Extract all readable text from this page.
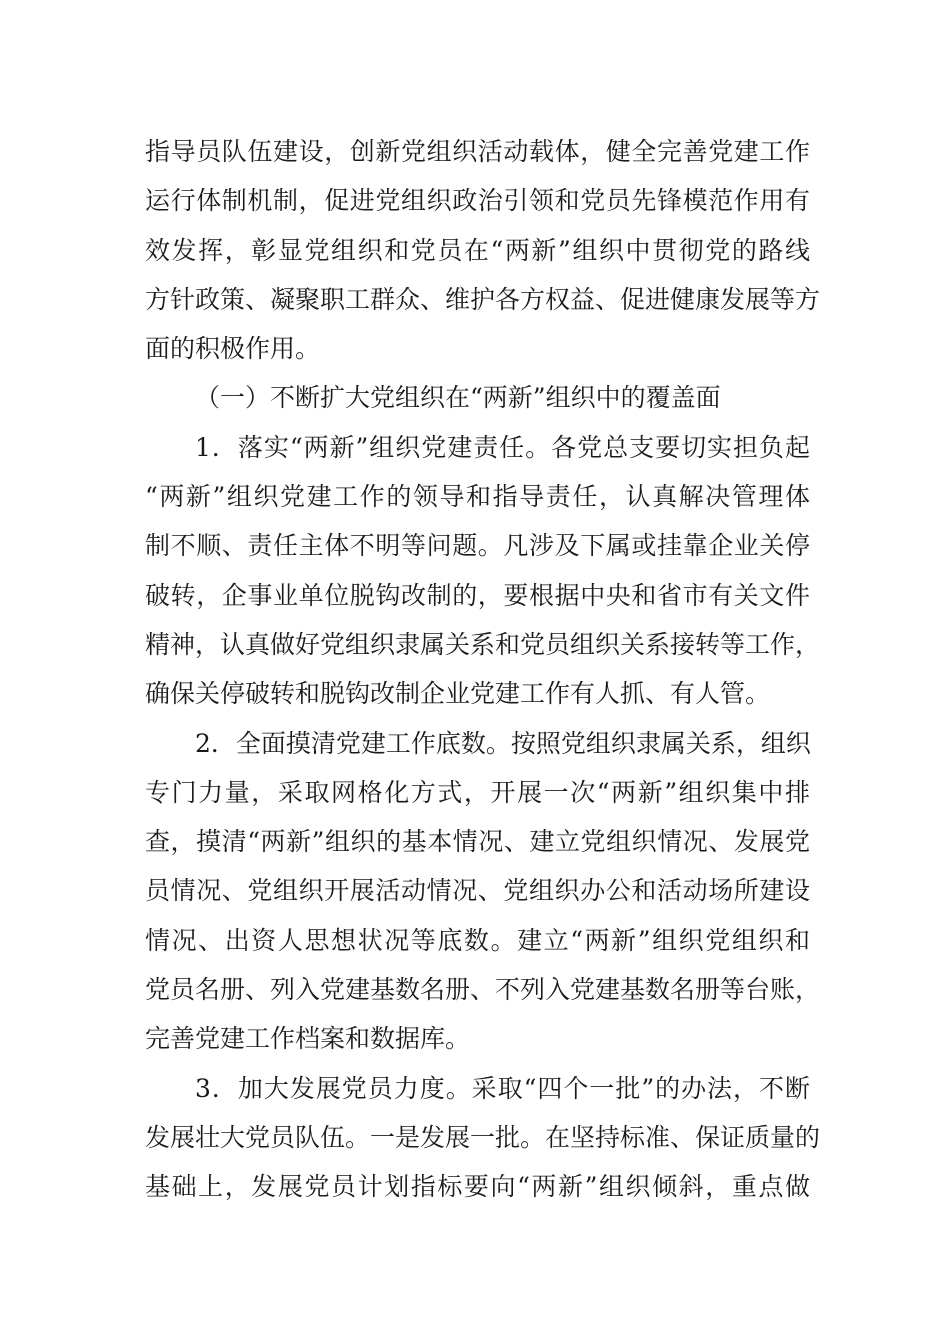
指导员队伍建设，创新党组织活动载体，健全完善党建工作
运行体制机制，促进党组织政治引领和党员先锋模范作用有
效发挥，彰显党组织和党员在“两新”组织中贯彻党的路线
方针政策、凝聚职工群众、维护各方权益、促进健康发展等方
面的积极作用。
（一）不断扩大党组织在“两新”组织中的覆盖面
1．落实“两新”组织党建责任。各党总支要切实担负起
“两新”组织党建工作的领导和指导责任，认真解决管理体
制不顺、责任主体不明等问题。凡涉及下属或挂靠企业关停
破转，企事业单位脱钩改制的，要根据中央和省市有关文件
精神，认真做好党组织隶属关系和党员组织关系接转等工作，
确保关停破转和脱钩改制企业党建工作有人抓、有人管。
2．全面摸清党建工作底数。按照党组织隶属关系，组织
专门力量，采取网格化方式，开展一次“两新”组织集中排
查，摸清“两新”组织的基本情况、建立党组织情况、发展党
员情况、党组织开展活动情况、党组织办公和活动场所建设
情况、出资人思想状况等底数。建立“两新”组织党组织和
党员名册、列入党建基数名册、不列入党建基数名册等台账，
完善党建工作档案和数据库。
3．加大发展党员力度。采取“四个一批”的办法，不断
发展壮大党员队伍。一是发展一批。在坚持标准、保证质量的
基础上，发展党员计划指标要向“两新”组织倾斜，重点做
